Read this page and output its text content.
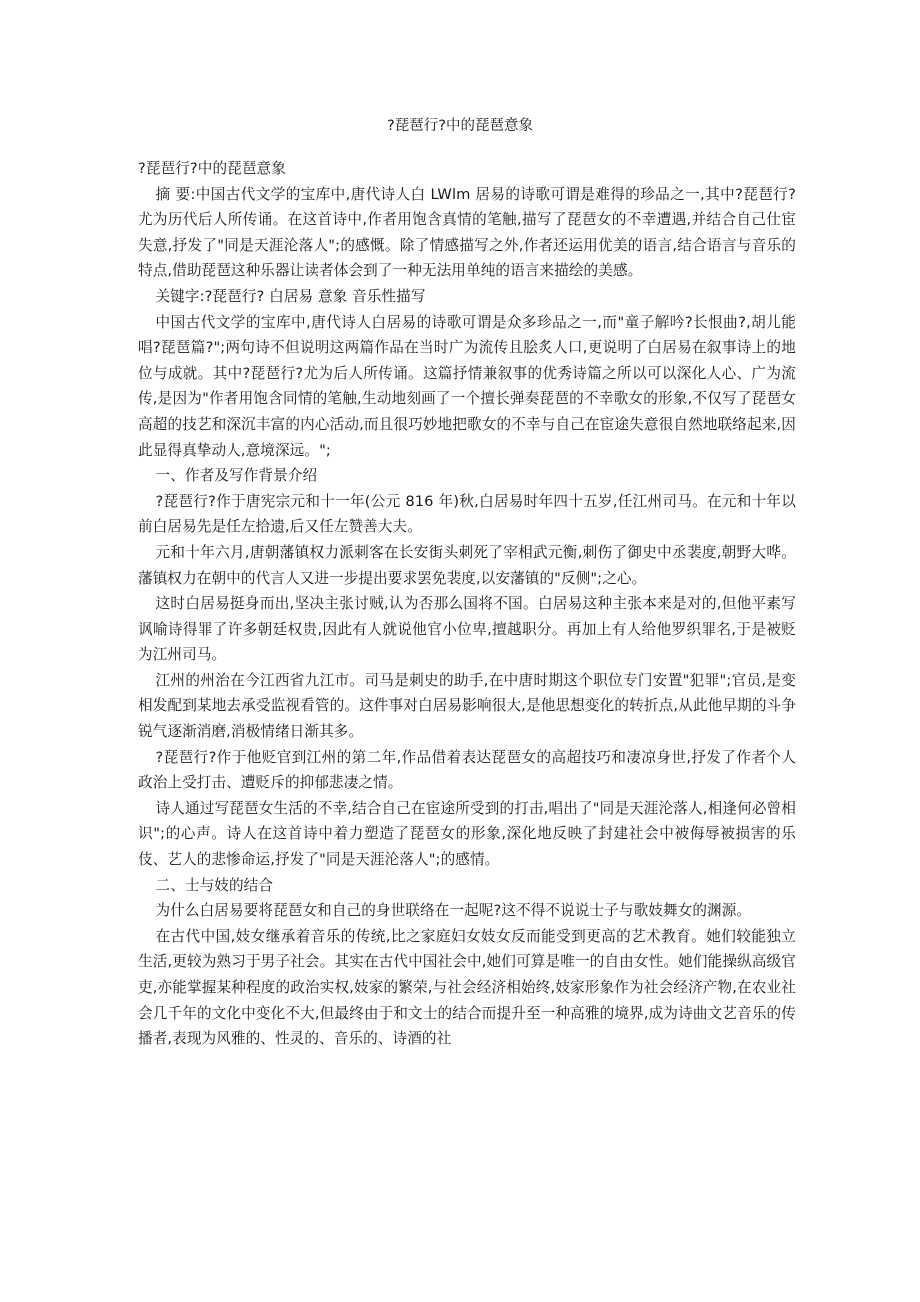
?琵琶行?中的琵琶意象

?琵琶行?中的琵琶意象

摘 要:中国古代文学的宝库中,唐代诗人白 LWlm 居易的诗歌可谓是难得的珍品之一,其中?琵琶行?尤为历代后人所传诵。在这首诗中,作者用饱含真情的笔触,描写了琵琶女的不幸遭遇,并结合自己仕宦失意,抒发了"同是天涯沦落人";的感慨。除了情感描写之外,作者还运用优美的语言,结合语言与音乐的特点,借助琵琶这种乐器让读者体会到了一种无法用单纯的语言来描绘的美感。

关键字:?琵琶行? 白居易 意象 音乐性描写

中国古代文学的宝库中,唐代诗人白居易的诗歌可谓是众多珍品之一,而"童子解吟?长恨曲?,胡儿能唱?琵琶篇?";两句诗不但说明这两篇作品在当时广为流传且脍炙人口,更说明了白居易在叙事诗上的地位与成就。其中?琵琶行?尤为后人所传诵。这篇抒情兼叙事的优秀诗篇之所以可以深化人心、广为流传,是因为"作者用饱含同情的笔触,生动地刻画了一个擅长弹奏琵琶的不幸歌女的形象,不仅写了琵琶女高超的技艺和深沉丰富的内心活动,而且很巧妙地把歌女的不幸与自己在宦途失意很自然地联络起来,因此显得真挚动人,意境深远。";

一、作者及写作背景介绍

?琵琶行?作于唐宪宗元和十一年(公元 816 年)秋,白居易时年四十五岁,任江州司马。在元和十年以前白居易先是任左拾遗,后又任左赞善大夫。

元和十年六月,唐朝藩镇权力派刺客在长安街头刺死了宰相武元衡,刺伤了御史中丞裴度,朝野大哗。藩镇权力在朝中的代言人又进一步提出要求罢免裴度,以安藩镇的"反侧";之心。

这时白居易挺身而出,坚决主张讨贼,认为否那么国将不国。白居易这种主张本来是对的,但他平素写讽喻诗得罪了许多朝廷权贵,因此有人就说他官小位卑,擅越职分。再加上有人给他罗织罪名,于是被贬为江州司马。

江州的州治在今江西省九江市。司马是刺史的助手,在中唐时期这个职位专门安置"犯罪";官员,是变相发配到某地去承受监视看管的。这件事对白居易影响很大,是他思想变化的转折点,从此他早期的斗争锐气逐渐消磨,消极情绪日渐其多。

?琵琶行?作于他贬官到江州的第二年,作品借着表达琵琶女的高超技巧和凄凉身世,抒发了作者个人政治上受打击、遭贬斥的抑郁悲凄之情。

诗人通过写琵琶女生活的不幸,结合自己在宦途所受到的打击,唱出了"同是天涯沦落人,相逢何必曾相识";的心声。诗人在这首诗中着力塑造了琵琶女的形象,深化地反映了封建社会中被侮辱被损害的乐伎、艺人的悲惨命运,抒发了"同是天涯沦落人";的感情。

二、士与妓的结合

为什么白居易要将琵琶女和自己的身世联络在一起呢?这不得不说说士子与歌妓舞女的渊源。

在古代中国,妓女继承着音乐的传统,比之家庭妇女妓女反而能受到更高的艺术教育。她们较能独立生活,更较为熟习于男子社会。其实在古代中国社会中,她们可算是唯一的自由女性。她们能操纵高级官吏,亦能掌握某种程度的政治实权,妓家的繁荣,与社会经济相始终,妓家形象作为社会经济产物,在农业社会几千年的文化中变化不大,但最终由于和文士的结合而提升至一种高雅的境界,成为诗曲文艺音乐的传播者,表现为风雅的、性灵的、音乐的、诗酒的社
